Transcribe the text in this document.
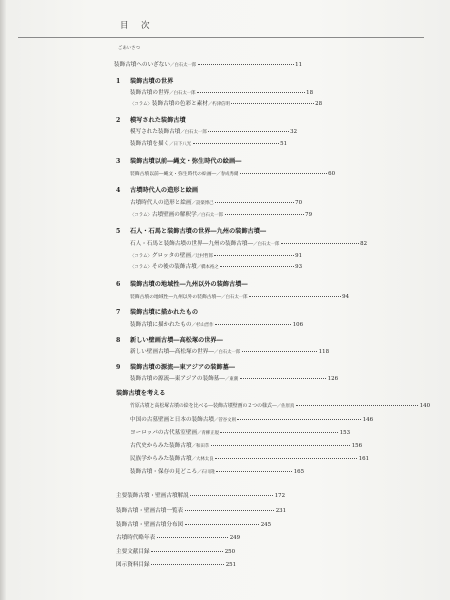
目　次
ごあいさつ
装飾古墳へのいざない ／白石太一郎	11
1	装飾古墳の世界
装飾古墳の世界 ／白石太一郎	18
〈コラム〉 装飾古墳の色彩と素材 ／朽津信明	28
2	模写された装飾古墳
模写された装飾古墳 ／白石太一郎	32
装飾古墳を描く ／日下八光	51
3	装飾古墳以前―縄文・弥生時代の絵画―
装飾古墳以前―縄文・弥生時代の絵画― ／春成秀爾	60
4	古墳時代人の造形と絵画
古墳時代人の造形と絵画 ／設楽博己	70
〈コラム〉 古墳壁画の解釈学 ／白石太一郎	79
5	石人・石馬と装飾古墳の世界―九州の装飾古墳―
石人・石馬と装飾古墳の世界―九州の装飾古墳― ／白石太一郎	82
〈コラム〉 グロッタの壁画 ／辻村哲郎	91
〈コラム〉 その後の装飾古墳 ／橋本裕之	93
6	装飾古墳の地域性―九州以外の装飾古墳―
装飾古墳の地域性―九州以外の装飾古墳― ／白石太一郎	94
7	装飾古墳に描かれたもの
装飾古墳に描かれたもの ／杉山晋作	106
8	新しい壁画古墳―高松塚の世界―
新しい壁画古墳―高松塚の世界― ／白石太一郎	118
9	装飾古墳の源流―東アジアの装飾墓―
装飾古墳の源流―東アジアの装飾墓― ／東潮	126
装飾古墳を考える
竹原古墳と高松塚古墳の絵を比べる―装飾古墳壁画の２つの様式― ／佐原真	140
中国の古墓壁画と日本の装飾古墳 ／菅谷文則	146
ヨーロッパの古代墓室壁画 ／青柳正規	153
古代史からみた装飾古墳 ／和田萃	156
民族学からみた装飾古墳 ／大林太良	161
装飾古墳・保存の見どころ ／石川隆	165
主要装飾古墳・壁画古墳解説	172
装飾古墳・壁画古墳一覧表	231
装飾古墳・壁画古墳分布図	245
古墳時代略年表	249
主要文献目録	250
図示資料目録	251
